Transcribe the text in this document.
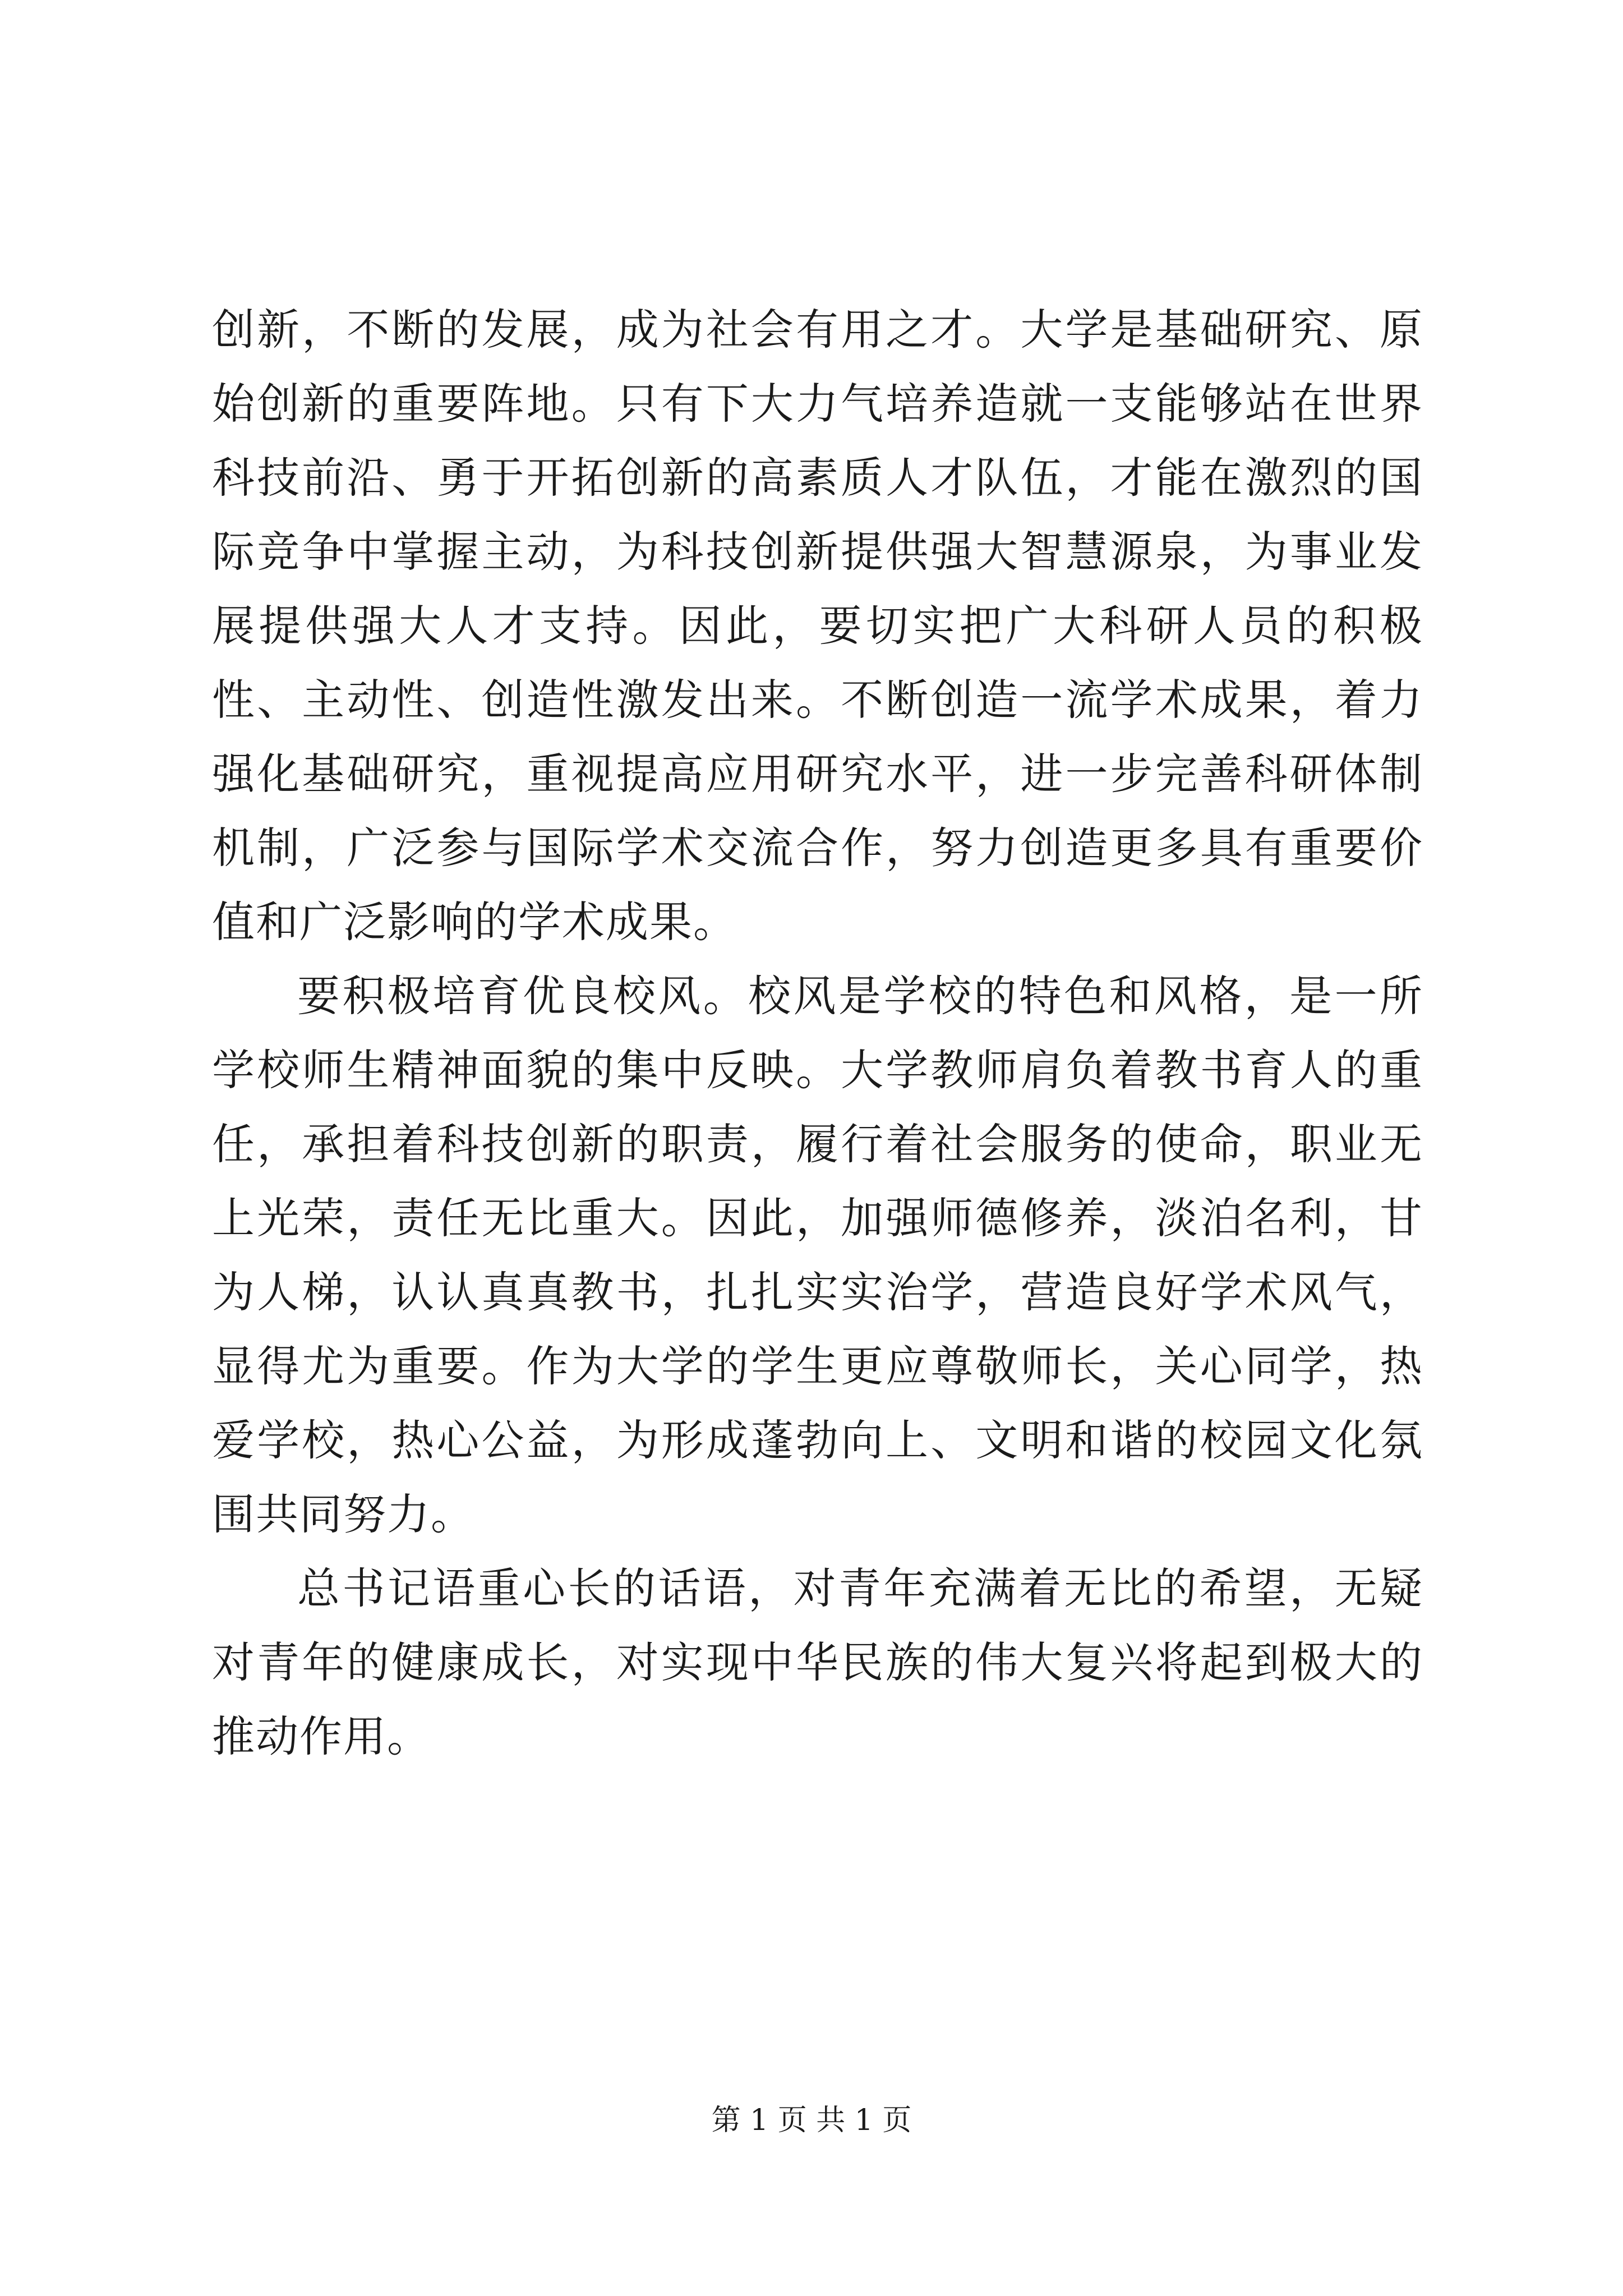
创新，不断的发展，成为社会有用之才。大学是基础研究、原始创新的重要阵地。只有下大力气培养造就一支能够站在世界科技前沿、勇于开拓创新的高素质人才队伍，才能在激烈的国际竞争中掌握主动，为科技创新提供强大智慧源泉，为事业发展提供强大人才支持。因此，要切实把广大科研人员的积极性、主动性、创造性激发出来。不断创造一流学术成果，着力强化基础研究，重视提高应用研究水平，进一步完善科研体制机制，广泛参与国际学术交流合作，努力创造更多具有重要价值和广泛影响的学术成果。

要积极培育优良校风。校风是学校的特色和风格，是一所学校师生精神面貌的集中反映。大学教师肩负着教书育人的重任，承担着科技创新的职责，履行着社会服务的使命，职业无上光荣，责任无比重大。因此，加强师德修养，淡泊名利，甘为人梯，认认真真教书，扎扎实实治学，营造良好学术风气，显得尤为重要。作为大学的学生更应尊敬师长，关心同学，热爱学校，热心公益，为形成蓬勃向上、文明和谐的校园文化氛围共同努力。

总书记语重心长的话语，对青年充满着无比的希望，无疑对青年的健康成长，对实现中华民族的伟大复兴将起到极大的推动作用。

第 1 页 共 1 页
